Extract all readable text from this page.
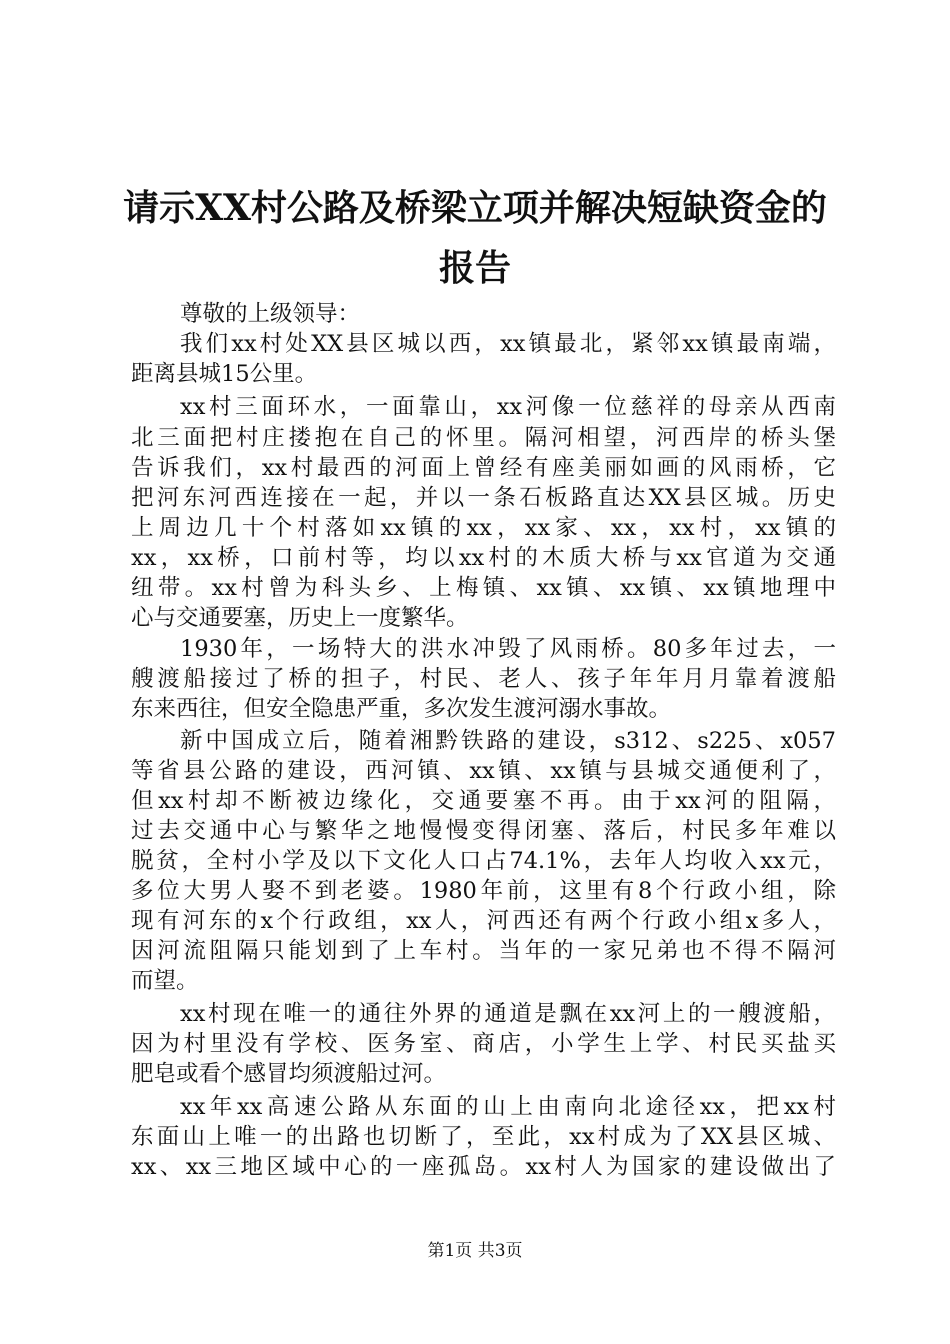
请示XX村公路及桥梁立项并解决短缺资金的
报告
尊敬的上级领导：
我们xx村处XX县区城以西，xx镇最北，紧邻xx镇最南端，
距离县城15公里。
xx村三面环水，一面靠山，xx河像一位慈祥的母亲从西南
北三面把村庄搂抱在自己的怀里。隔河相望，河西岸的桥头堡
告诉我们，xx村最西的河面上曾经有座美丽如画的风雨桥，它
把河东河西连接在一起，并以一条石板路直达XX县区城。历史
上周边几十个村落如xx镇的xx，xx家、xx，xx村，xx镇的
xx，xx桥，口前村等，均以xx村的木质大桥与xx官道为交通
纽带。xx村曾为科头乡、上梅镇、xx镇、xx镇、xx镇地理中
心与交通要塞，历史上一度繁华。
1930年，一场特大的洪水冲毁了风雨桥。80多年过去，一
艘渡船接过了桥的担子，村民、老人、孩子年年月月靠着渡船
东来西往，但安全隐患严重，多次发生渡河溺水事故。
新中国成立后，随着湘黔铁路的建设，s312、s225、x057
等省县公路的建设，西河镇、xx镇、xx镇与县城交通便利了，
但xx村却不断被边缘化，交通要塞不再。由于xx河的阻隔，
过去交通中心与繁华之地慢慢变得闭塞、落后，村民多年难以
脱贫，全村小学及以下文化人口占74.1%，去年人均收入xx元，
多位大男人娶不到老婆。1980年前，这里有8个行政小组，除
现有河东的x个行政组，xx人，河西还有两个行政小组x多人，
因河流阻隔只能划到了上车村。当年的一家兄弟也不得不隔河
而望。
xx村现在唯一的通往外界的通道是飘在xx河上的一艘渡船，
因为村里没有学校、医务室、商店，小学生上学、村民买盐买
肥皂或看个感冒均须渡船过河。
xx年xx高速公路从东面的山上由南向北途径xx，把xx村
东面山上唯一的出路也切断了，至此，xx村成为了XX县区城、
xx、xx三地区域中心的一座孤岛。xx村人为国家的建设做出了
第1页 共3页
